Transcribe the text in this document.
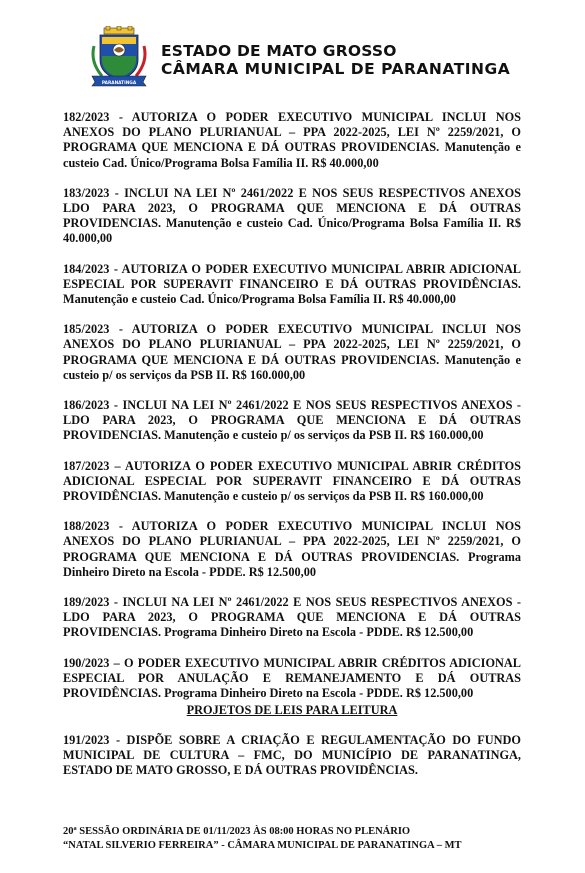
PARANATINGA
ESTADO DE MATO GROSSO
CÂMARA MUNICIPAL DE PARANATINGA

182/2023 - AUTORIZA O PODER EXECUTIVO MUNICIPAL INCLUI NOS ANEXOS DO PLANO PLURIANUAL – PPA 2022-2025, LEI Nº 2259/2021, O PROGRAMA QUE MENCIONA E DÁ OUTRAS PROVIDENCIAS. Manutenção e custeio Cad. Único/Programa Bolsa Família II. R$ 40.000,00

183/2023 - INCLUI NA LEI Nº 2461/2022 E NOS SEUS RESPECTIVOS ANEXOS LDO PARA 2023, O PROGRAMA QUE MENCIONA E DÁ OUTRAS PROVIDENCIAS. Manutenção e custeio Cad. Único/Programa Bolsa Família II. R$ 40.000,00

184/2023 - AUTORIZA O PODER EXECUTIVO MUNICIPAL ABRIR ADICIONAL ESPECIAL POR SUPERAVIT FINANCEIRO E DÁ OUTRAS PROVIDÊNCIAS. Manutenção e custeio Cad. Único/Programa Bolsa Família II. R$ 40.000,00

185/2023 - AUTORIZA O PODER EXECUTIVO MUNICIPAL INCLUI NOS ANEXOS DO PLANO PLURIANUAL – PPA 2022-2025, LEI Nº 2259/2021, O PROGRAMA QUE MENCIONA E DÁ OUTRAS PROVIDENCIAS. Manutenção e custeio p/ os serviços da PSB II. R$ 160.000,00

186/2023 - INCLUI NA LEI Nº 2461/2022 E NOS SEUS RESPECTIVOS ANEXOS - LDO PARA 2023, O PROGRAMA QUE MENCIONA E DÁ OUTRAS PROVIDENCIAS. Manutenção e custeio p/ os serviços da PSB II. R$ 160.000,00

187/2023 – AUTORIZA O PODER EXECUTIVO MUNICIPAL ABRIR CRÉDITOS ADICIONAL ESPECIAL POR SUPERAVIT FINANCEIRO E DÁ OUTRAS PROVIDÊNCIAS. Manutenção e custeio p/ os serviços da PSB II. R$ 160.000,00

188/2023 - AUTORIZA O PODER EXECUTIVO MUNICIPAL INCLUI NOS ANEXOS DO PLANO PLURIANUAL – PPA 2022-2025, LEI Nº 2259/2021, O PROGRAMA QUE MENCIONA E DÁ OUTRAS PROVIDENCIAS. Programa Dinheiro Direto na Escola - PDDE. R$ 12.500,00

189/2023 - INCLUI NA LEI Nº 2461/2022 E NOS SEUS RESPECTIVOS ANEXOS - LDO PARA 2023, O PROGRAMA QUE MENCIONA E DÁ OUTRAS PROVIDENCIAS. Programa Dinheiro Direto na Escola - PDDE. R$ 12.500,00

190/2023 – O PODER EXECUTIVO MUNICIPAL ABRIR CRÉDITOS ADICIONAL ESPECIAL POR ANULAÇÃO E REMANEJAMENTO E DÁ OUTRAS PROVIDÊNCIAS. Programa Dinheiro Direto na Escola - PDDE. R$ 12.500,00

PROJETOS DE LEIS PARA LEITURA

191/2023 - DISPÕE SOBRE A CRIAÇÃO E REGULAMENTAÇÃO DO FUNDO MUNICIPAL DE CULTURA – FMC, DO MUNICÍPIO DE PARANATINGA, ESTADO DE MATO GROSSO, E DÁ OUTRAS PROVIDÊNCIAS.

20ª SESSÃO ORDINÁRIA DE 01/11/2023 ÀS 08:00 HORAS NO PLENÁRIO
“NATAL SILVERIO FERREIRA” - CÂMARA MUNICIPAL DE PARANATINGA – MT
